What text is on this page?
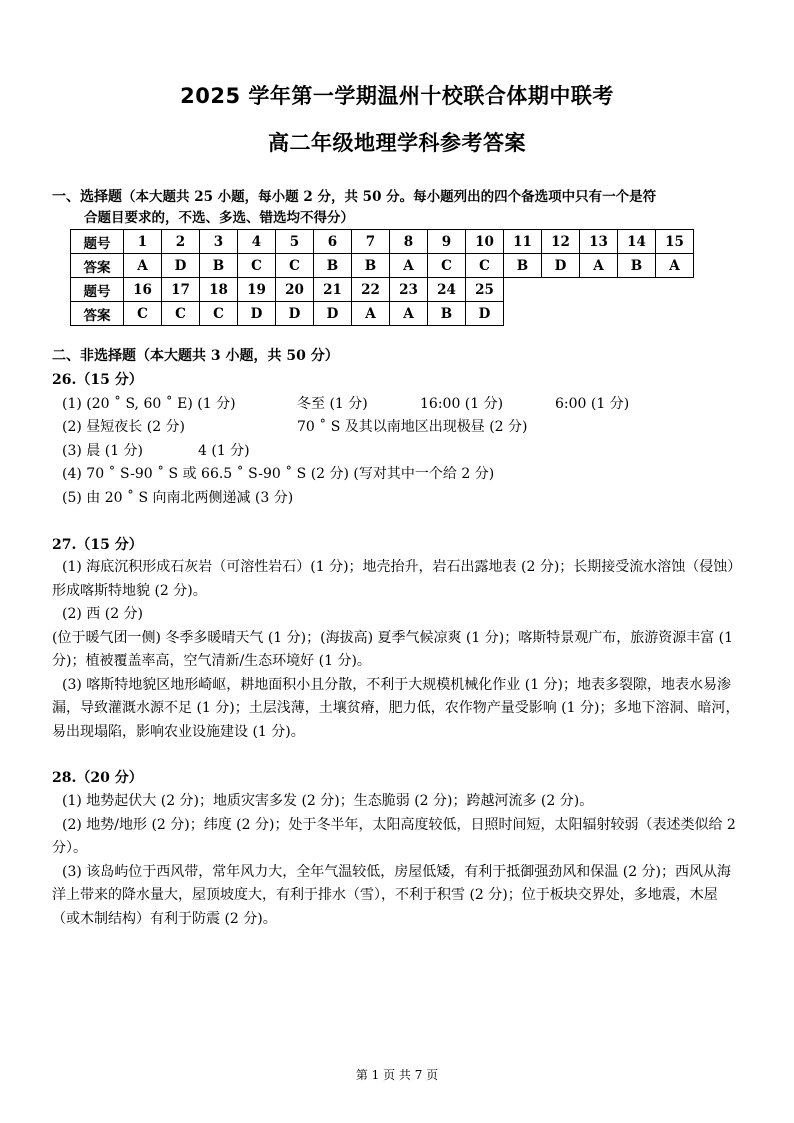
2025 学年第一学期温州十校联合体期中联考
高二年级地理学科参考答案
一、选择题（本大题共 25 小题，每小题 2 分，共 50 分。每小题列出的四个备选项中只有一个是符
合题目要求的，不选、多选、错选均不得分）
题号	1	2	3	4	5	6	7	8	9	10	11	12	13	14	15
答案	A	D	B	C	C	B	B	A	C	C	B	D	A	B	A
题号	16	17	18	19	20	21	22	23	24	25
答案	C	C	C	D	D	D	A	A	B	D
二、非选择题（本大题共 3 小题，共 50 分）
26.（15 分）
(1) (20 ˚ S, 60 ˚ E) (1 分)	冬至 (1 分)	16:00 (1 分)	6:00 (1 分)
(2) 昼短夜长 (2 分)	70 ˚ S 及其以南地区出现极昼 (2 分)
(3) 晨 (1 分)	4 (1 分)
(4) 70 ˚ S-90 ˚ S 或 66.5 ˚ S-90 ˚ S (2 分) (写对其中一个给 2 分)
(5) 由 20 ˚ S 向南北两侧递减 (3 分)
27.（15 分）

(1) 海底沉积形成石灰岩（可溶性岩石）(1 分)；地壳抬升，岩石出露地表 (2 分)；长期接受流水溶蚀（侵蚀）形成喀斯特地貌 (2 分)。

(2) 西 (2 分)

(位于暖气团一侧) 冬季多暖晴天气 (1 分)；(海拔高) 夏季气候凉爽 (1 分)；喀斯特景观广布，旅游资源丰富 (1 分)；植被覆盖率高，空气清新/生态环境好 (1 分)。

(3) 喀斯特地貌区地形崎岖，耕地面积小且分散，不利于大规模机械化作业 (1 分)；地表多裂隙，地表水易渗漏，导致灌溉水源不足 (1 分)；土层浅薄，土壤贫瘠，肥力低，农作物产量受影响 (1 分)；多地下溶洞、暗河，易出现塌陷，影响农业设施建设 (1 分)。

28.（20 分）

(1) 地势起伏大 (2 分)；地质灾害多发 (2 分)；生态脆弱 (2 分)；跨越河流多 (2 分)。

(2) 地势/地形 (2 分)；纬度 (2 分)；处于冬半年，太阳高度较低，日照时间短，太阳辐射较弱（表述类似给 2 分）。

(3) 该岛屿位于西风带，常年风力大，全年气温较低，房屋低矮，有利于抵御强劲风和保温 (2 分)；西风从海洋上带来的降水量大，屋顶坡度大，有利于排水（雪），不利于积雪 (2 分)；位于板块交界处，多地震，木屋（或木制结构）有利于防震 (2 分)。

第 1 页 共 7 页
